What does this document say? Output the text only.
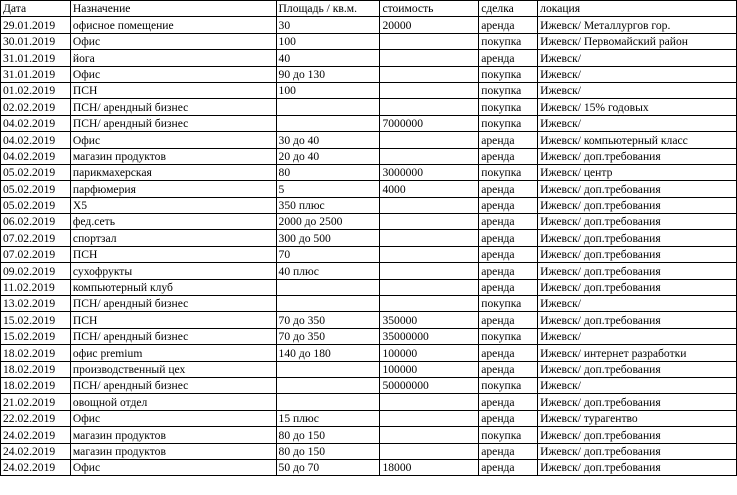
Дата	Назначение	Площадь / кв.м.	стоимость	сделка	локация
29.01.2019	офисное помещение	30	20000	аренда	Ижевск/ Металлургов гор.
30.01.2019	Офис	100		покупка	Ижевск/ Первомайский район
31.01.2019	йога	40		аренда	Ижевск/
31.01.2019	Офис	90 до 130		покупка	Ижевск/
01.02.2019	ПСН	100		покупка	Ижевск/
02.02.2019	ПСН/ арендный бизнес			покупка	Ижевск/ 15% годовых
04.02.2019	ПСН/ арендный бизнес		7000000	покупка	Ижевск/
04.02.2019	Офис	30 до 40		аренда	Ижевск/ компьютерный класс
04.02.2019	магазин продуктов	20 до 40		аренда	Ижевск/ доп.требования
05.02.2019	парикмахерская	80	3000000	покупка	Ижевск/ центр
05.02.2019	парфюмерия	5	4000	аренда	Ижевск/ доп.требования
05.02.2019	Х5	350 плюс		аренда	Ижевск/ доп.требования
06.02.2019	фед.сеть	2000 до 2500		аренда	Ижевск/ доп.требования
07.02.2019	спортзал	300 до 500		аренда	Ижевск/ доп.требования
07.02.2019	ПСН	70		аренда	Ижевск/ доп.требования
09.02.2019	сухофрукты	40 плюс		аренда	Ижевск/ доп.требования
11.02.2019	компьютерный клуб			аренда	Ижевск/ доп.требования
13.02.2019	ПСН/ арендный бизнес			покупка	Ижевск/
15.02.2019	ПСН	70 до 350	350000	аренда	Ижевск/ доп.требования
15.02.2019	ПСН/ арендный бизнес	70 до 350	35000000	покупка	Ижевск/
18.02.2019	офис premium	140 до 180	100000	аренда	Ижевск/ интернет разработки
18.02.2019	производственный цех		100000	аренда	Ижевск/ доп.требования
18.02.2019	ПСН/ арендный бизнес		50000000	покупка	Ижевск/
21.02.2019	овощной отдел			аренда	Ижевск/ доп.требования
22.02.2019	Офис	15 плюс		аренда	Ижевск/ турагентво
24.02.2019	магазин продуктов	80 до 150		покупка	Ижевск/ доп.требования
24.02.2019	магазин продуктов	80 до 150		аренда	Ижевск/ доп.требования
24.02.2019	Офис	50 до 70	18000	аренда	Ижевск/ доп.требования
